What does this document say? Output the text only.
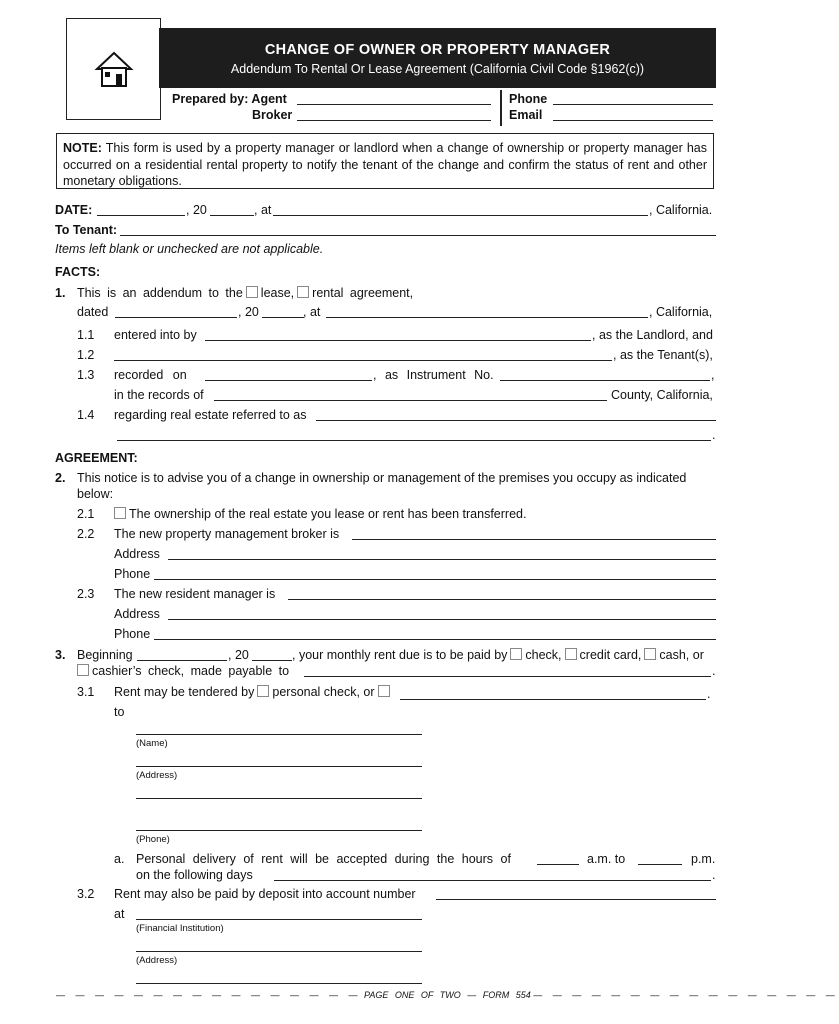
CHANGE OF OWNER OR PROPERTY MANAGER
Addendum To Rental Or Lease Agreement (California Civil Code §1962(c))
Prepared by: Agent
Broker
Phone
Email
NOTE: This form is used by a property manager or landlord when a change of ownership or property manager has occurred on a residential rental property to notify the tenant of the change and confirm the status of rent and other monetary obligations.
DATE:	, 20	, at	, California.
To Tenant:
Items left blank or unchecked are not applicable.
FACTS:
1. This is an addendum to the lease, rental agreement,
dated	, 20	, at	, California,
1.1 entered into by	, as the Landlord, and
1.2	, as the Tenant(s),
1.3 recorded on	, as Instrument No.	,
in the records of	County, California,
1.4 regarding real estate referred to as
.
AGREEMENT:
2. This notice is to advise you of a change in ownership or management of the premises you occupy as indicated
below:
2.1	The ownership of the real estate you lease or rent has been transferred.
2.2 The new property management broker is
Address
Phone
2.3 The new resident manager is
Address
Phone
3. Beginning	, 20	, your monthly rent due is to be paid by check, credit card, cash, or
cashier’s check, made payable to	.
3.1 Rent may be tendered by personal check, or	.
to
(Name)
(Address)
(Phone)
a. Personal delivery of rent will be accepted during the hours of	a.m. to	p.m.
on the following days	.
3.2 Rent may also be paid by deposit into account number
at
(Financial Institution)
(Address)
— — — — — — — — — — — — — — — — PAGE ONE OF TWO — FORM 554 — — — — — — — — — — — — — — — —
